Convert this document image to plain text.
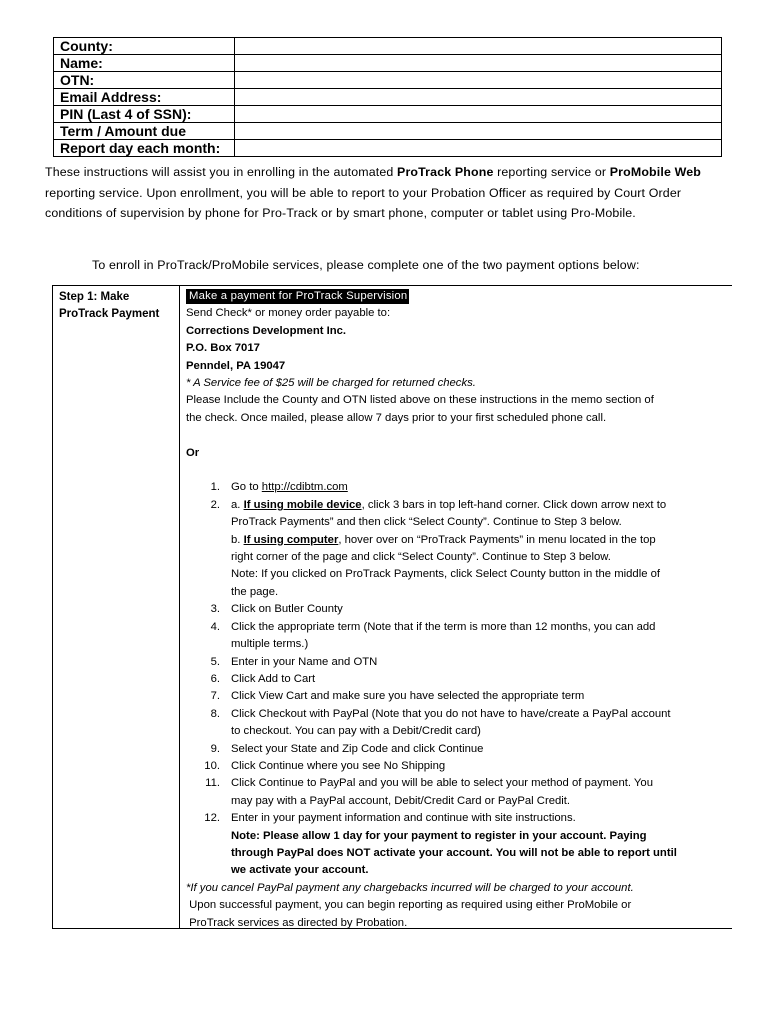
County:	
Name:	
OTN:	
Email Address:	
PIN (Last 4 of SSN):	
Term / Amount due	
Report day each month:	
These instructions will assist you in enrolling in the automated ProTrack Phone reporting service or ProMobile Web reporting service. Upon enrollment, you will be able to report to your Probation Officer as required by Court Order conditions of supervision by phone for Pro-Track or by smart phone, computer or tablet using Pro-Mobile.
To enroll in ProTrack/ProMobile services, please complete one of the two payment options below:
Step 1: Make ProTrack Payment
Make a payment for ProTrack Supervision
Send Check* or money order payable to:
Corrections Development Inc.
P.O. Box 7017
Penndel, PA 19047
* A Service fee of $25 will be charged for returned checks.
Please Include the County and OTN listed above on these instructions in the memo section of
the check. Once mailed, please allow 7 days prior to your first scheduled phone call.
Or
1. Go to http://cdibtm.com
2. a. If using mobile device, click 3 bars in top left-hand corner. Click down arrow next to
ProTrack Payments” and then click “Select County”. Continue to Step 3 below.
b. If using computer, hover over on “ProTrack Payments” in menu located in the top
right corner of the page and click “Select County”. Continue to Step 3 below.
Note: If you clicked on ProTrack Payments, click Select County button in the middle of
the page.
3. Click on Butler County
4. Click the appropriate term (Note that if the term is more than 12 months, you can add
multiple terms.)
5. Enter in your Name and OTN
6. Click Add to Cart
7. Click View Cart and make sure you have selected the appropriate term
8. Click Checkout with PayPal (Note that you do not have to have/create a PayPal account
to checkout. You can pay with a Debit/Credit card)
9. Select your State and Zip Code and click Continue
10. Click Continue where you see No Shipping
11. Click Continue to PayPal and you will be able to select your method of payment. You
may pay with a PayPal account, Debit/Credit Card or PayPal Credit.
12. Enter in your payment information and continue with site instructions.
Note: Please allow 1 day for your payment to register in your account. Paying
through PayPal does NOT activate your account. You will not be able to report until
we activate your account.
*If you cancel PayPal payment any chargebacks incurred will be charged to your account.
Upon successful payment, you can begin reporting as required using either ProMobile or
ProTrack services as directed by Probation.
